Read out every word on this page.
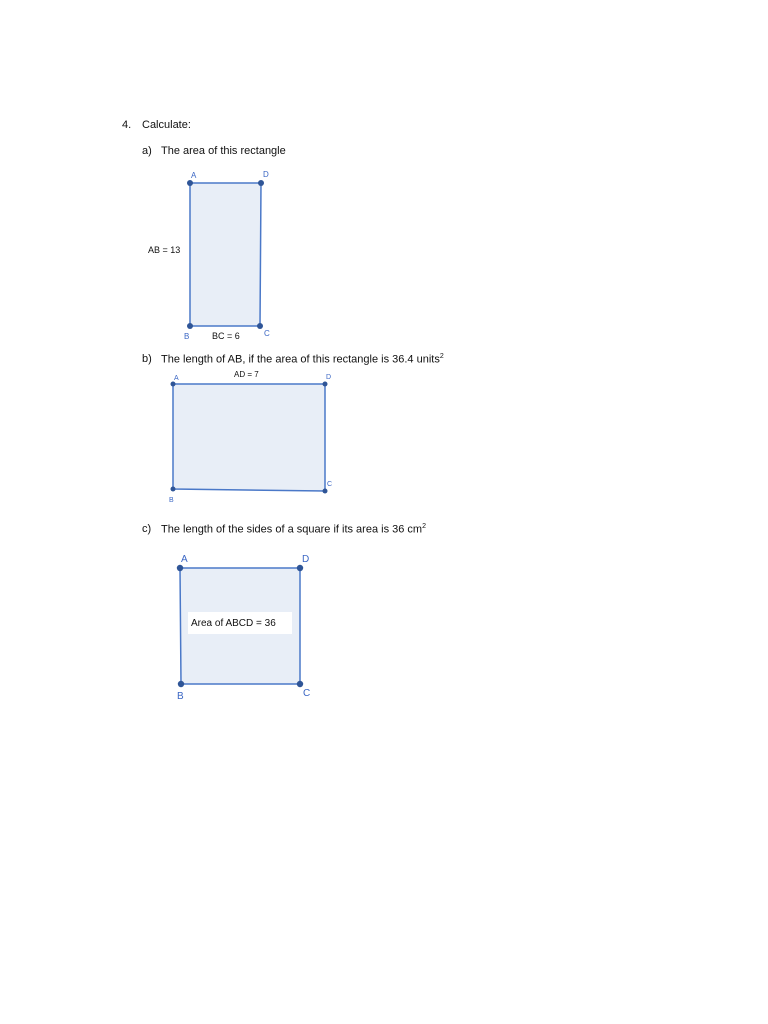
4. Calculate:
a) The area of this rectangle
b) The length of AB, if the area of this rectangle is 36.4 units$^2$
c) The length of the sides of a square if its area is 36 $cm^2$
A	D
B	C
AB = 13
BC = 6
A	D
B
C
AD = 7
A	D
B	C
Area of ABCD = 36
